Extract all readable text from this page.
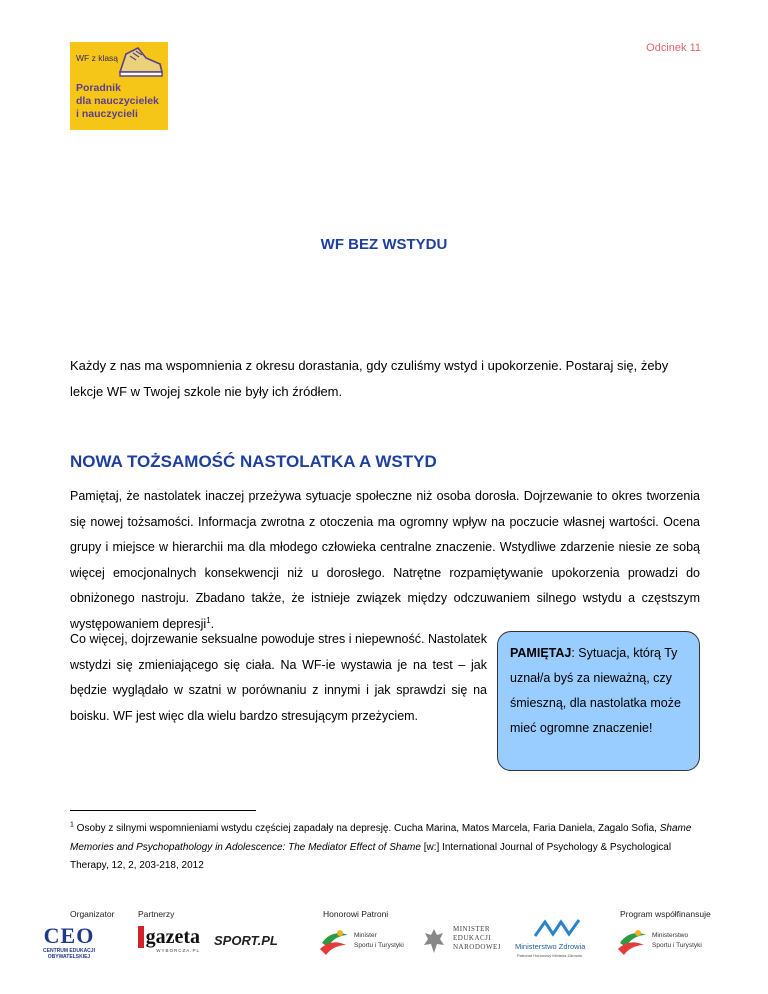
WF z klasą
Poradnik
dla nauczycielek
i nauczycieli
Odcinek 11
WF BEZ WSTYDU
Każdy z nas ma wspomnienia z okresu dorastania, gdy czuliśmy wstyd i upokorzenie. Postaraj się, żeby lekcje WF w Twojej szkole nie były ich źródłem.
NOWA TOŻSAMOŚĆ NASTOLATKA A WSTYD
Pamiętaj, że nastolatek inaczej przeżywa sytuacje społeczne niż osoba dorosła. Dojrzewanie to okres tworzenia się nowej tożsamości. Informacja zwrotna z otoczenia ma ogromny wpływ na poczucie własnej wartości. Ocena grupy i miejsce w hierarchii ma dla młodego człowieka centralne znaczenie. Wstydliwe zdarzenie niesie ze sobą więcej emocjonalnych konsekwencji niż u dorosłego. Natrętne rozpamiętywanie upokorzenia prowadzi do obniżonego nastroju. Zbadano także, że istnieje związek między odczuwaniem silnego wstydu a częstszym występowaniem depresji$^1$.
Co więcej, dojrzewanie seksualne powoduje stres i niepewność. Nastolatek wstydzi się zmieniającego się ciała. Na WF-ie wystawia je na test – jak będzie wyglądało w szatni w porównaniu z innymi i jak sprawdzi się na boisku. WF jest więc dla wielu bardzo stresującym przeżyciem.
PAMIĘTAJ: Sytuacja, którą Ty uznał/a byś za nieważną, czy śmieszną, dla nastolatka może mieć ogromne znaczenie!
$^1$ Osoby z silnymi wspomnieniami wstydu częściej zapadały na depresję. Cucha Marina, Matos Marcela, Faria Daniela, Zagalo Sofia, Shame Memories and Psychopathology in Adolescence: The Mediator Effect of Shame [w:] International Journal of Psychology & Psychological Therapy, 12, 2, 203-218, 2012
Organizator	Partnerzy	Honorowi Patroni	Program współfinansuje
CEO
CENTRUM EDUKACJI OBYWATELSKIEJ
gazeta
WYBORCZA.PL
SPORT.PL	Minister
Sportu i Turystyki
MINISTER
EDUKACJI
NARODOWEJ Ministerstwo Zdrowia
Patronat Honorowy Ministra Zdrowia
Ministerstwo
Sportu i Turystyki
